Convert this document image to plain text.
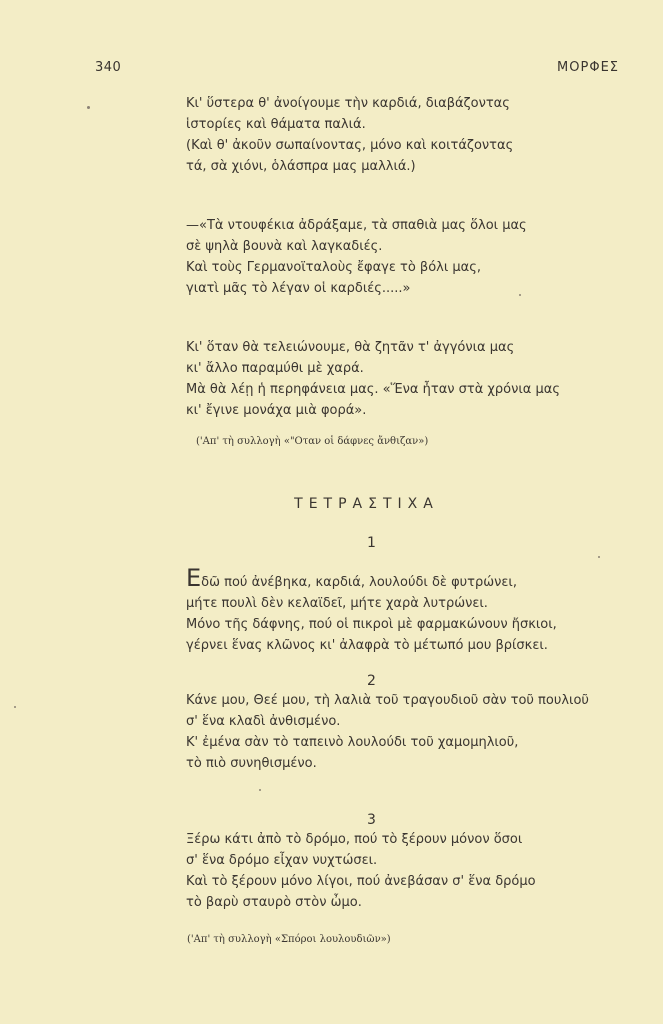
340	ΜΟΡΦΕΣ
Κι' ὕστερα θ' ἀνοίγουμε τὴν καρδιά, διαβάζοντας
ἱστορίες καὶ θάματα παλιά.
(Καὶ θ' ἀκοῦν σωπαίνοντας, μόνο καὶ κοιτάζοντας
τά, σὰ χιόνι, ὁλάσπρα μας μαλλιά.)
—«Τὰ ντουφέκια ἀδράξαμε, τὰ σπαθιὰ μας ὅλοι μας
σὲ ψηλὰ βουνὰ καὶ λαγκαδιές.
Καὶ τοὺς Γερμανοϊταλοὺς ἔφαγε τὸ βόλι μας,
γιατὶ μᾶς τὸ λέγαν οἱ καρδιές.....»
Κι' ὅταν θὰ τελειώνουμε, θὰ ζητᾶν τ' ἀγγόνια μας
κι' ἄλλο παραμύθι μὲ χαρά.
Μὰ θὰ λέῃ ἡ περηφάνεια μας. «Ἕνα ἦταν στὰ χρόνια μας
κι' ἔγινε μονάχα μιὰ φορά».
('Απ' τὴ συλλογὴ «"Οταν οἱ δάφνες ἄνθιζαν»)
ΤΕΤΡΑΣΤΙΧΑ
1
Εδῶ πού ἀνέβηκα, καρδιά, λουλούδι δὲ φυτρώνει,
μήτε πουλὶ δὲν κελαϊδεῖ, μήτε χαρὰ λυτρώνει.
Μόνο τῆς δάφνης, πού οἱ πικροὶ μὲ φαρμακώνουν ἤσκιοι,
γέρνει ἕνας κλῶνος κι' ἀλαφρὰ τὸ μέτωπό μου βρίσκει.
2
Κάνε μου, Θεέ μου, τὴ λαλιὰ τοῦ τραγουδιοῦ σὰν τοῦ πουλιοῦ
σ' ἕνα κλαδὶ ἀνθισμένο.
Κ' ἐμένα σὰν τὸ ταπεινὸ λουλούδι τοῦ χαμομηλιοῦ,
τὸ πιὸ συνηθισμένο.
3
Ξέρω κάτι ἀπὸ τὸ δρόμο, πού τὸ ξέρουν μόνον ὅσοι
σ' ἕνα δρόμο εἶχαν νυχτώσει.
Καὶ τὸ ξέρουν μόνο λίγοι, πού ἀνεβάσαν σ' ἕνα δρόμο
τὸ βαρὺ σταυρὸ στὸν ὦμο.
('Απ' τὴ συλλογὴ «Σπόροι λουλουδιῶν»)
